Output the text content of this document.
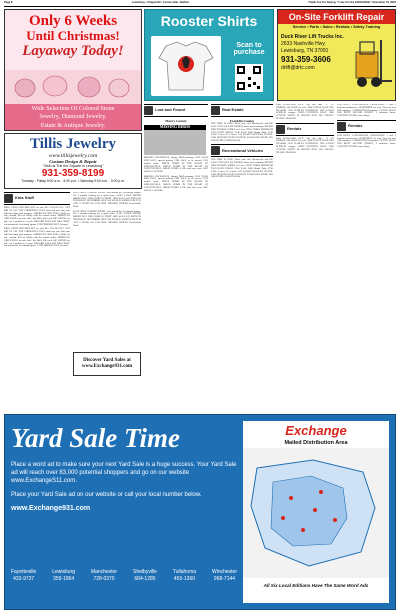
Page 8	Lewisburg • Chapel Hill • Cornersville • Belfast	Thank You For Saying, "I saw it in the EXCHANGE," November 16, 2016
Only 6 Weeks
Until Christmas!
Layaway Today!
Wide Selection Of Colored Stone
Jewelry, Diamond Jewelry,
Estate & Antique Jewelry.
Tillis Jewelry
www.tillisjewelry.com
Custom Design & Repair
"Visit us The the Square in Lewisburg"
931-359-8199
Tuesday - Friday 9:00 a.m. - 5:30 p.m. • Saturday 9:00 a.m. - 5:00 p.m.
Rooster Shirts
Scan to
purchase
On-Site Forklift Repair
Service • Parts • Sales • Rentals • Safety Training
Duck River Lift Trucks Inc.
2633 Nashville Hwy.
Lewisburg, TN 37091
931-359-3606
drlift@drtc.com
Kids Stuff

KIDS' STUFF KITCHEN SET for sale $35. 931-223-7617. GET RID OF ALL THE CHRISTMAS TOYS from last year that your kids don't play with anymore. AMERICAN GIRL DOLL, Molly for sale, around. $50 for Molly with the school outfit. AMERICAN GIRL DOLLS for sale Julie, Ida Dolls, $50 each. BIG WHEEL for sale, for 4 months to 5 years. REWARD FOR LOST BRACELET, lost around the Lewisburg Square. LOST MISSING KEY, Reward.

KIDS' STUFF KITCHEN SET for sale $35. 931-223-7617. GET RID OF ALL THE CHRISTMAS TOYS from last year that your kids don't play with anymore. AMERICAN GIRL DOLL, Molly for sale, around. $50 for Molly with the school outfit. AMERICAN GIRL DOLLS for sale Julie, Ida Dolls, $50 each. BIG WHEEL for sale, for 4 months to 5 years. REWARD FOR LOST BRACELET, lost around the Lewisburg Square. LOST MISSING KEY, Reward.

LOST GREY CORDED PHONE, lost around the Lewisburg Square. For 3 months looking for a good home. LOST LARGE MIXED BREED DOG. HER NAME IS 'FEMY'. SHE WAS LAST SEEN ON THURSDAY, NOVEMBER 10TH. WE WOULD APPRECIATE IT IF ANY CALLED OR SAW HER. MISSING HEIFER Powellsville Road.

LOST GREY CORDED PHONE, lost around the Lewisburg Square. For 3 months looking for a good home. LOST LARGE MIXED BREED DOG. HER NAME IS 'FEMY'. SHE WAS LAST SEEN ON THURSDAY, NOVEMBER 10TH. WE WOULD APPRECIATE IT IF ANY CALLED OR SAW HER. MISSING HEIFER Powellsville Road.

Discover Yard Sales at www.Exchange931.com
Lost and Found
Maury County
MISSING BIRDS

MISSING DUCKLINGS, Spring Hill/Lewisburg. 2016 YEAR END SALE, special pricing. FOR SALE, to be moved, 1970 mobile home. BRICK HOME IN THE HEART OF SHELBYVILLE. BRICK HOME IN THE HEART OF FAYETTEVILLE. BRICK HOME 4 BR with new roof. 2007 SWAN 3+ HOUSE.

MISSING DUCKLINGS, Spring Hill/Lewisburg. 2016 YEAR END SALE, special pricing. FOR SALE, to be moved, 1970 mobile home. BRICK HOME IN THE HEART OF SHELBYVILLE. BRICK HOME IN THE HEART OF FAYETTEVILLE. BRICK HOME 4 BR with new roof. 2007 SWAN 3+ HOUSE.

Real Estate
Franklin County

THE TIME IS NOW! Don't wait, call Hoosierville and WE SALE. FOR SALE BY OWNER, house and workshop. BRAND NEW DOUBLE WIDES on 1 acre. NEW THREE BEDROOM TWO BATH HOUSE. FOR SALE 2000 Honda Trike. FOR SALE Cerner 25 Cruiser. ON RANDY BIGGER'S HOUSE. OUR MOTORCYCLES WANTED. KAWASAKI SPEED 300. 2005 HONDA SHADOW 600.

Recreational Vehicles

THE TIME IS NOW! Don't wait, call Hoosierville and WE SALE. FOR SALE BY OWNER, house and workshop. BRAND NEW DOUBLE WIDES on 1 acre. NEW THREE BEDROOM TWO BATH HOUSE. FOR SALE 2000 Honda Trike. FOR SALE Cerner 25 Cruiser. ON RANDY BIGGER'S HOUSE. OUR MOTORCYCLES WANTED. KAWASAKI SPEED 300. 2005 HONDA SHADOW 600.

2008 KAWASAKI KLX 140 dirt bike. 17 1/2' FIBERGLASS BOAT for sale. 2004 TAHOE BOAT PRO TRAILER. 2011 HARLEY DAVIDSON. 1985 LANCE SLIDE-IN camper. USED PONTOON BOAT. 2003 COYOTE SPORT 18. BRAND NEW 2017 BRAVO. TRAVEL TRAILER.

Rentals

2008 KAWASAKI KLX 140 dirt bike. 17 1/2' FIBERGLASS BOAT for sale. 2004 TAHOE BOAT PRO TRAILER. 2011 HARLEY DAVIDSON. 1985 LANCE SLIDE-IN camper. USED PONTOON BOAT. 2003 COYOTE SPORT 18. BRAND NEW 2017 BRAVO. TRAVEL TRAILER.

FOR RENT, CONTINENTAL PROPERTIES 1 and 2 bedroom apartments. APARTMENT for rent. Great for new GM employee. 2 BEDROOM Townhouse. OFFICE SPACE FOR RENT. SECOND STREET, 2 bedroom house. COUNTRY LIVING near college.

Rentals

FOR RENT, CONTINENTAL PROPERTIES 1 and 2 bedroom apartments. APARTMENT for rent. Great for new GM employee. 2 BEDROOM Townhouse. OFFICE SPACE FOR RENT. SECOND STREET, 2 bedroom house. COUNTRY LIVING near college.

Yard Sale Time
Place a word ad to make sure your next Yard Sale is a huge success. Your Yard Sale ad will reach over 83,000 potential shoppers and go on our website www.ExchangeS11.com.
Place your Yard Sale ad on our website or call your local number below.
www.Exchange931.com
Fayetteville
433-9737
Lewisburg
359-1864
Manchester
728-0370
Shelbyville
684-1285
Tullahoma
455-1360
Winchester
968-7144
Exchange
Mailed Distribution Area
All Six Local Editions Have The Same Word Ads
